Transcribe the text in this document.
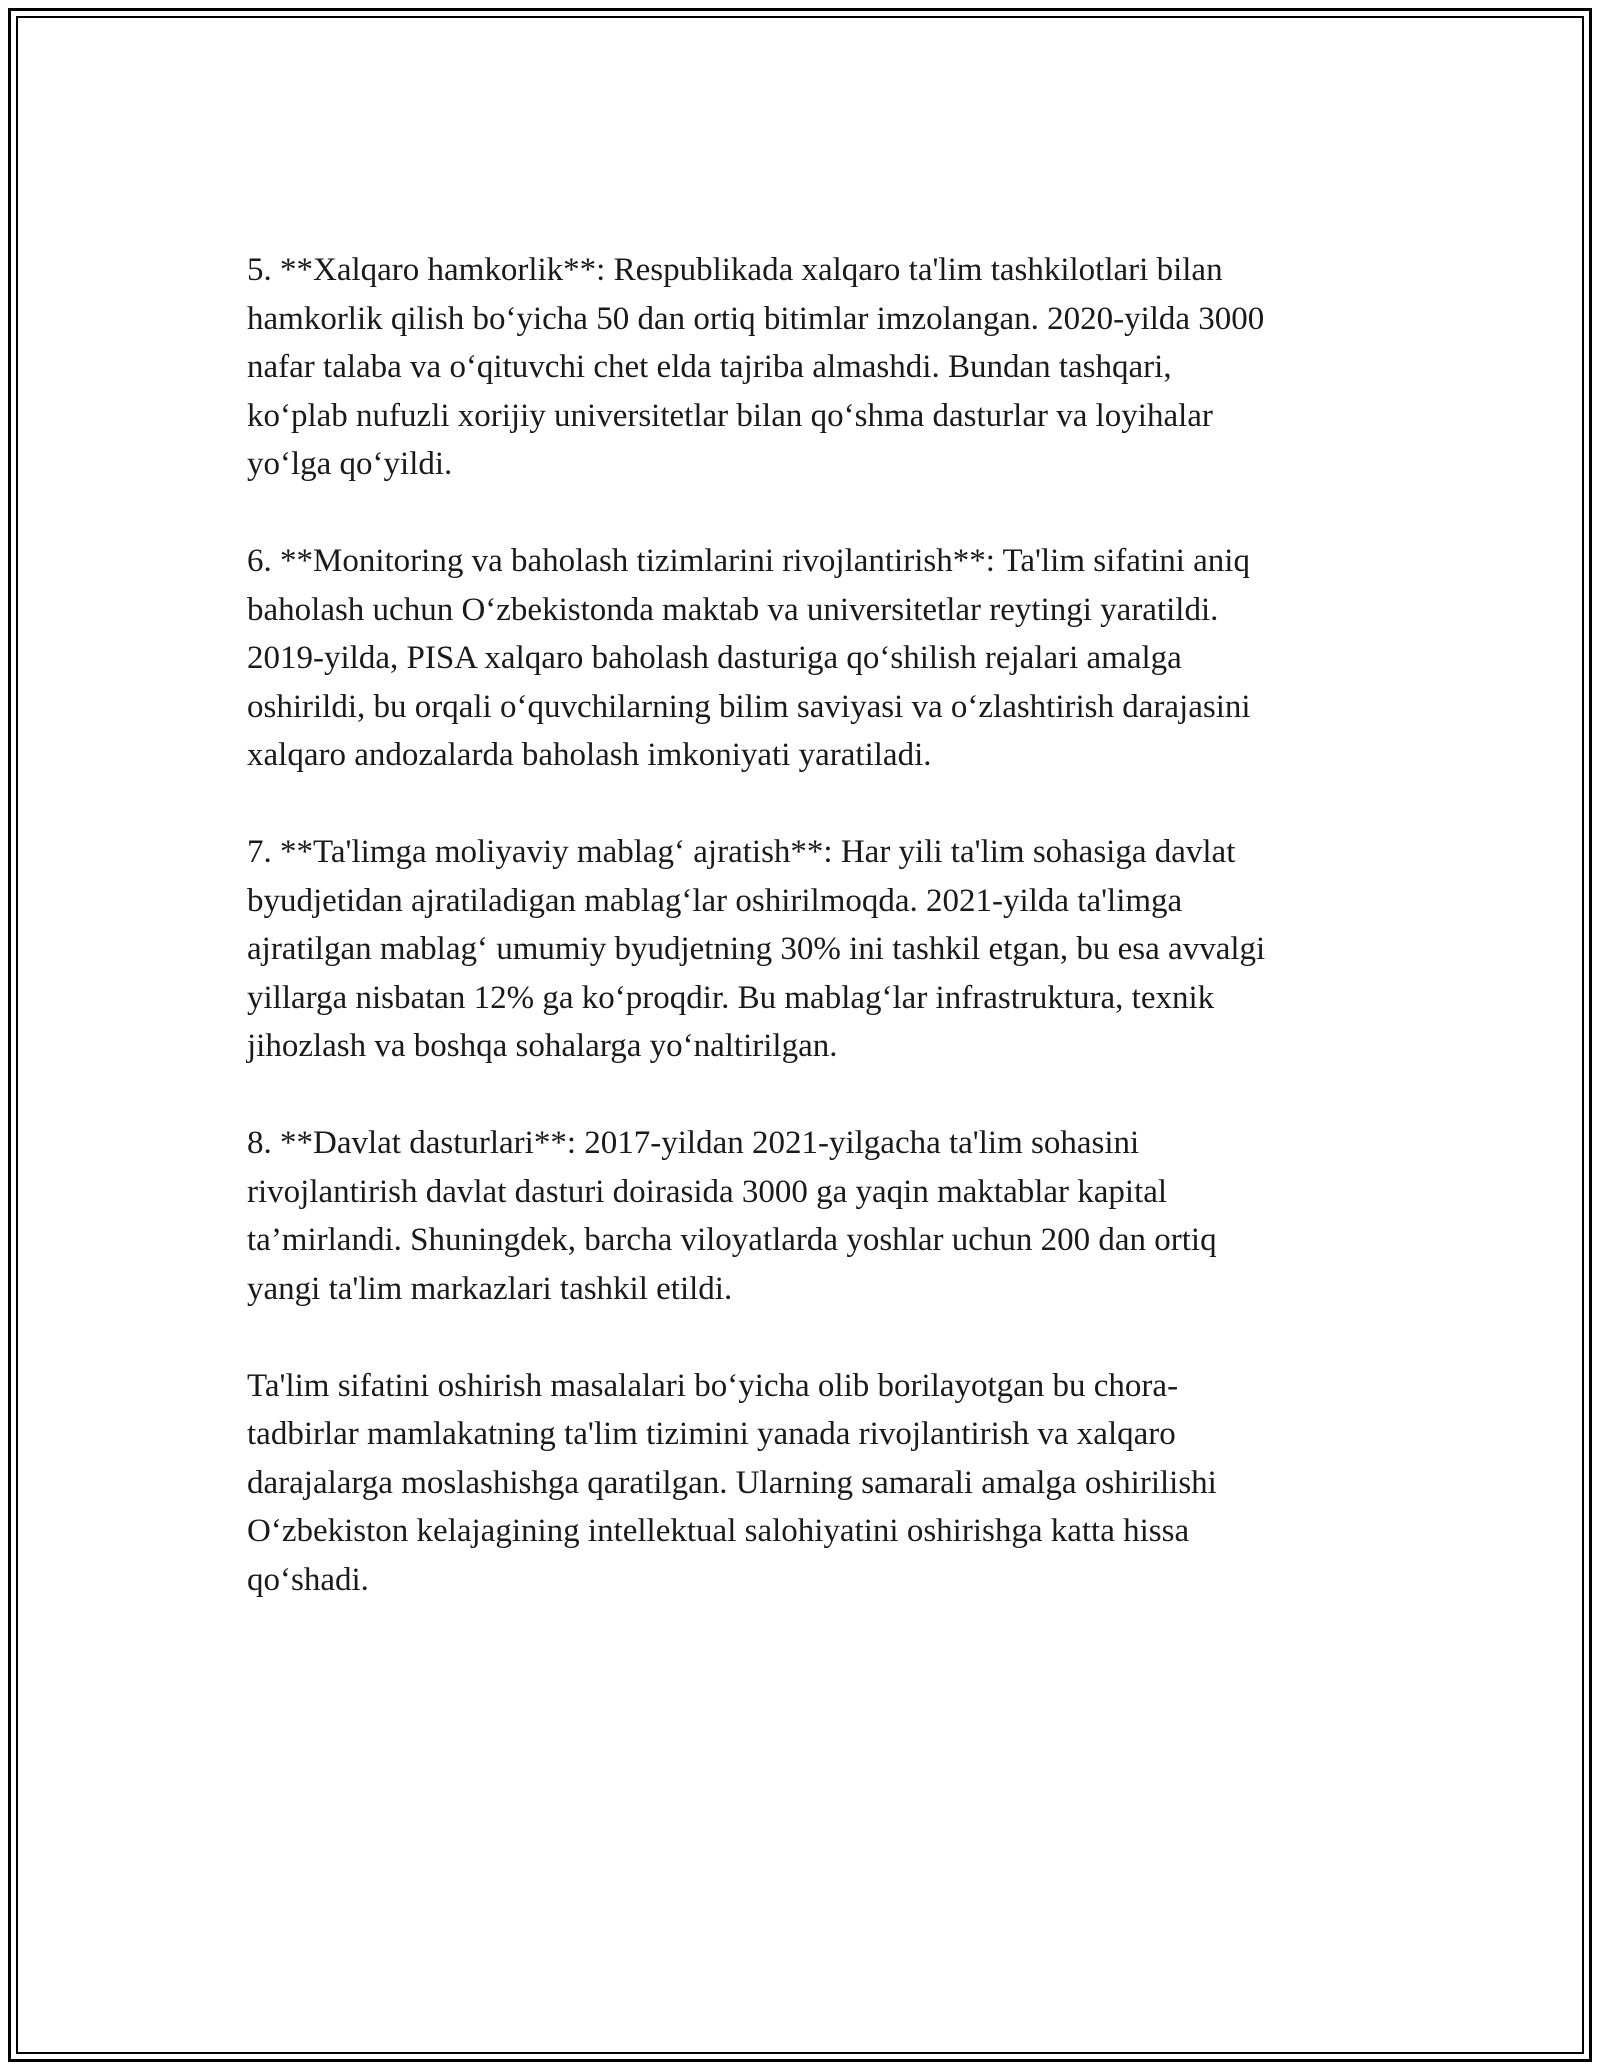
5. **Xalqaro hamkorlik**: Respublikada xalqaro ta'lim tashkilotlari bilan
hamkorlik qilish bo‘yicha 50 dan ortiq bitimlar imzolangan. 2020-yilda 3000
nafar talaba va o‘qituvchi chet elda tajriba almashdi. Bundan tashqari,
ko‘plab nufuzli xorijiy universitetlar bilan qo‘shma dasturlar va loyihalar
yo‘lga qo‘yildi.

6. **Monitoring va baholash tizimlarini rivojlantirish**: Ta'lim sifatini aniq
baholash uchun O‘zbekistonda maktab va universitetlar reytingi yaratildi.
2019-yilda, PISA xalqaro baholash dasturiga qo‘shilish rejalari amalga
oshirildi, bu orqali o‘quvchilarning bilim saviyasi va o‘zlashtirish darajasini
xalqaro andozalarda baholash imkoniyati yaratiladi.

7. **Ta'limga moliyaviy mablag‘ ajratish**: Har yili ta'lim sohasiga davlat
byudjetidan ajratiladigan mablag‘lar oshirilmoqda. 2021-yilda ta'limga
ajratilgan mablag‘ umumiy byudjetning 30% ini tashkil etgan, bu esa avvalgi
yillarga nisbatan 12% ga ko‘proqdir. Bu mablag‘lar infrastruktura, texnik
jihozlash va boshqa sohalarga yo‘naltirilgan.

8. **Davlat dasturlari**: 2017-yildan 2021-yilgacha ta'lim sohasini
rivojlantirish davlat dasturi doirasida 3000 ga yaqin maktablar kapital
ta’mirlandi. Shuningdek, barcha viloyatlarda yoshlar uchun 200 dan ortiq
yangi ta'lim markazlari tashkil etildi.

Ta'lim sifatini oshirish masalalari bo‘yicha olib borilayotgan bu chora-
tadbirlar mamlakatning ta'lim tizimini yanada rivojlantirish va xalqaro
darajalarga moslashishga qaratilgan. Ularning samarali amalga oshirilishi
O‘zbekiston kelajagining intellektual salohiyatini oshirishga katta hissa
qo‘shadi.
